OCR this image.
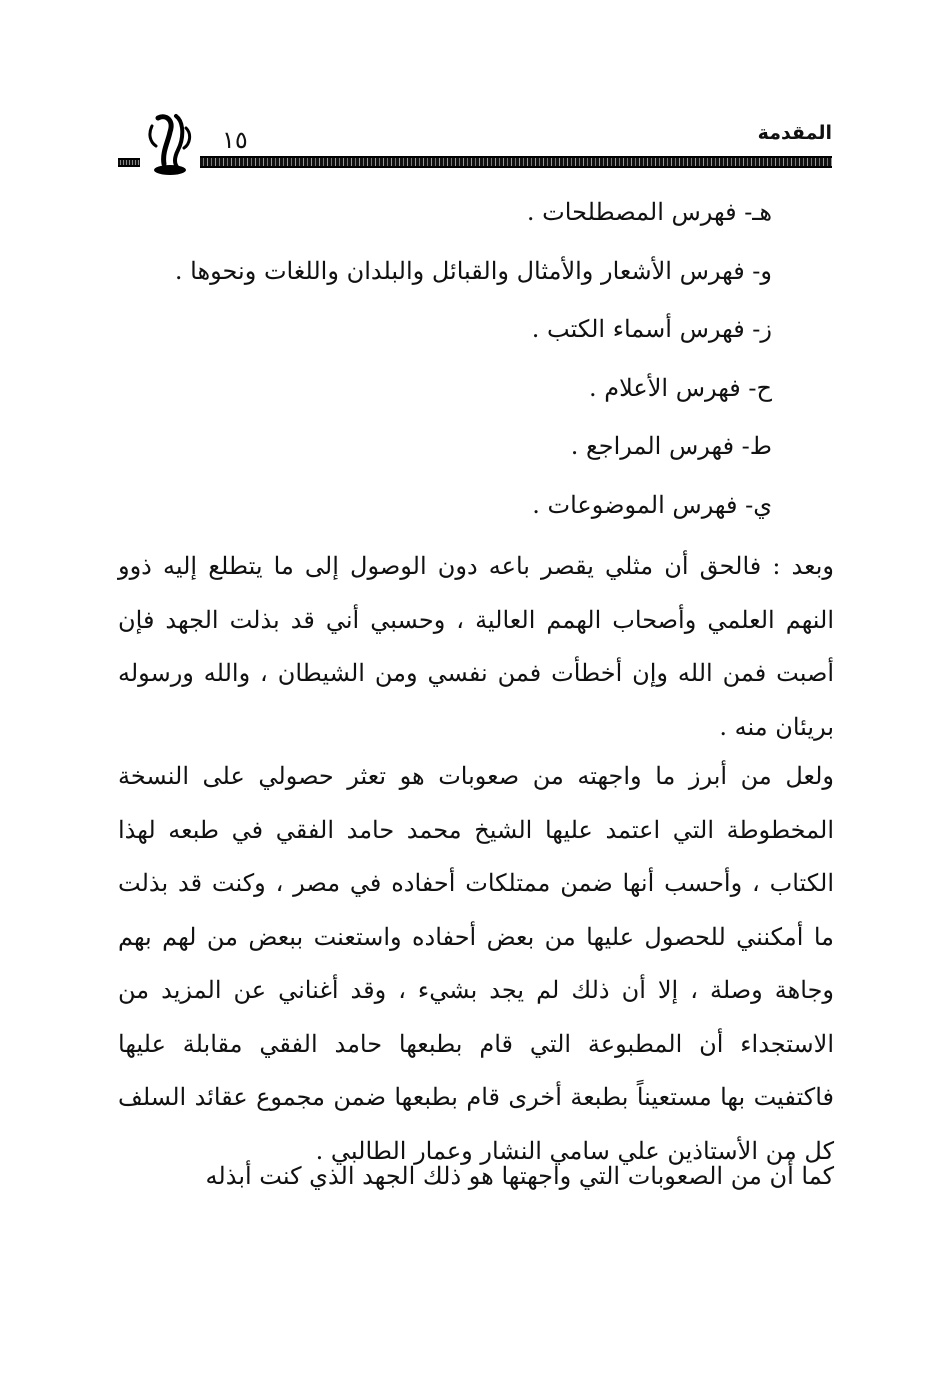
المقدمة
١٥
هـ- فهرس المصطلحات .
و- فهرس الأشعار والأمثال والقبائل والبلدان واللغات ونحوها .
ز- فهرس أسماء الكتب .
ح- فهرس الأعلام .
ط- فهرس المراجع .
ي- فهرس الموضوعات .

وبعد : فالحق أن مثلي يقصر باعه دون الوصول إلى ما يتطلع إليه ذوو النهم العلمي وأصحاب الهمم العالية ، وحسبي أني قد بذلت الجهد فإن أصبت فمن الله وإن أخطأت فمن نفسي ومن الشيطان ، والله ورسوله بريئان منه .

ولعل من أبرز ما واجهته من صعوبات هو تعثر حصولي على النسخة المخطوطة التي اعتمد عليها الشيخ محمد حامد الفقي في طبعه لهذا الكتاب ، وأحسب أنها ضمن ممتلكات أحفاده في مصر ، وكنت قد بذلت ما أمكنني للحصول عليها من بعض أحفاده واستعنت ببعض من لهم بهم وجاهة وصلة ، إلا أن ذلك لم يجد بشيء ، وقد أغناني عن المزيد من الاستجداء أن المطبوعة التي قام بطبعها حامد الفقي مقابلة عليها فاكتفيت بها مستعيناً بطبعة أخرى قام بطبعها ضمن مجموع عقائد السلف كل من الأستاذين علي سامي النشار وعمار الطالبي .

كما أن من الصعوبات التي واجهتها هو ذلك الجهد الذي كنت أبذله
